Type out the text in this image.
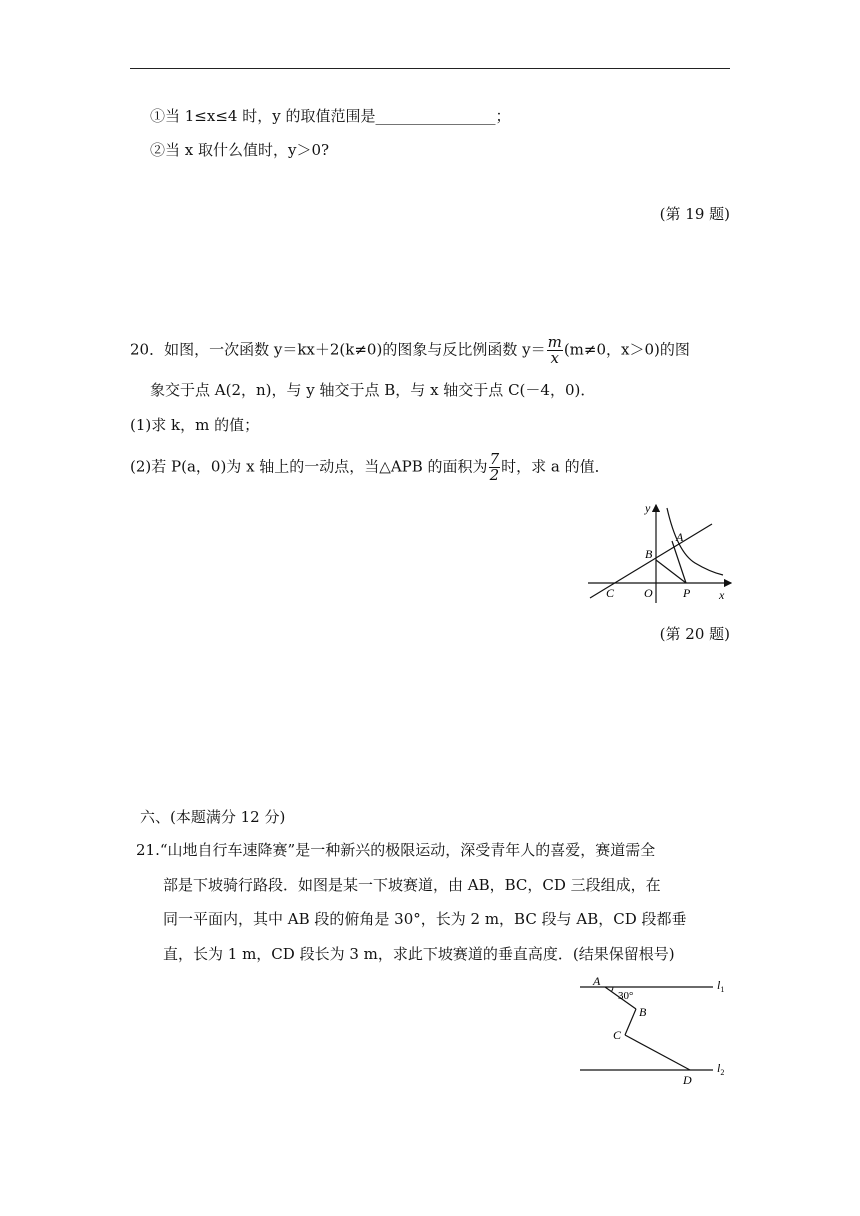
①当 1≤x≤4 时，y 的取值范围是________________；
②当 x 取什么值时，y＞0?
(第 19 题)
20．如图，一次函数 y＝kx＋2(k≠0)的图象与反比例函数 $y= \frac{m}{x} (m\ne 0$，x＞0)的图
象交于点 A(2，n)，与 y 轴交于点 B，与 x 轴交于点 C(－4，0)．
(1)求 k，m 的值；
(2)若 P(a，0)为 x 轴上的一动点，当△APB 的面积为 $\frac{7}{2}$ 时，求 a 的值．
y
A
B
C O	P x
(第 20 题)
六、(本题满分 12 分)
21.“山地自行车速降赛”是一种新兴的极限运动，深受青年人的喜爱，赛道需全
部是下坡骑行路段．如图是某一下坡赛道，由 AB，BC，CD 三段组成，在
同一平面内，其中 AB 段的俯角是 30°，长为 2 m，BC 段与 AB，CD 段都垂
直，长为 1 m，CD 段长为 3 m，求此下坡赛道的垂直高度．(结果保留根号)
A
30°
B
C
D
$l_1$
$l_2$
